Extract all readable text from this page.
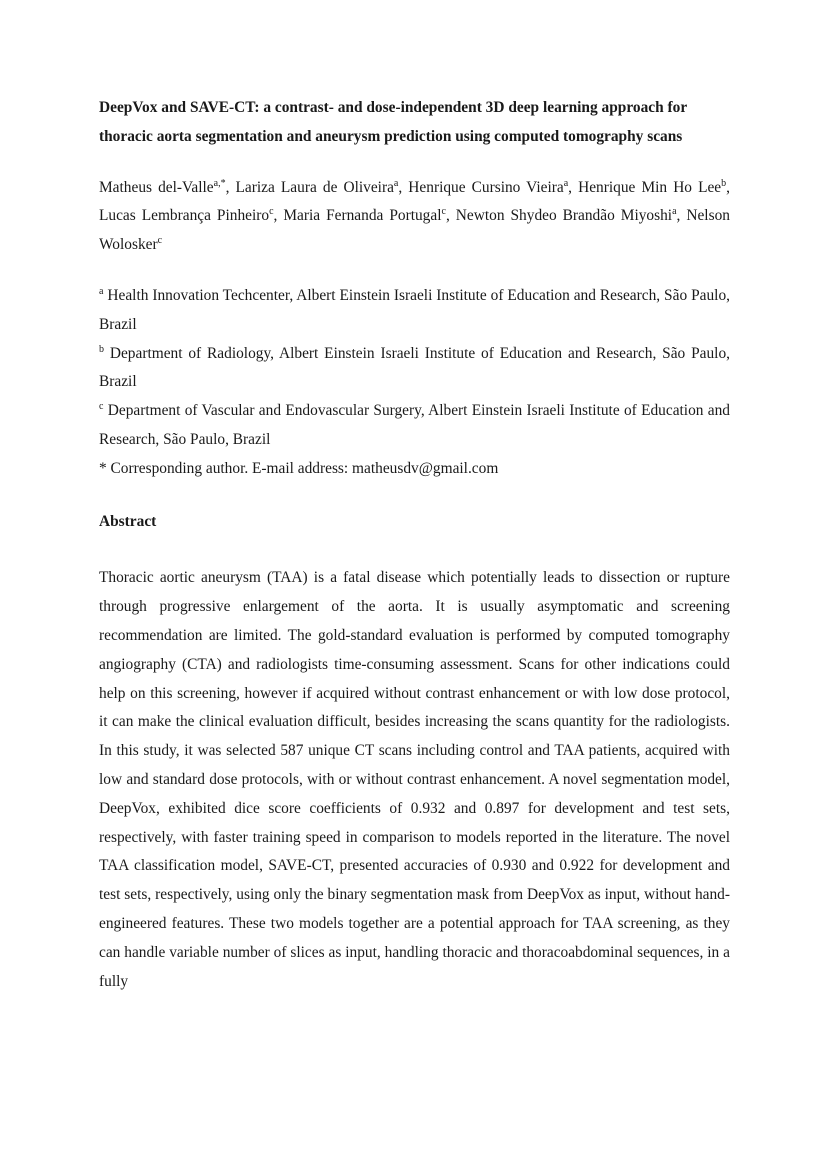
DeepVox and SAVE-CT: a contrast- and dose-independent 3D deep learning approach for thoracic aorta segmentation and aneurysm prediction using computed tomography scans

Matheus del-Valle$^{a,*}$, Lariza Laura de Oliveira$^a$, Henrique Cursino Vieira$^a$, Henrique Min Ho Lee$^b$, Lucas Lembrança Pinheiro$^c$, Maria Fernanda Portugal$^c$, Newton Shydeo Brandão Miyoshi$^a$, Nelson Wolosker$^c$

$^a$ Health Innovation Techcenter, Albert Einstein Israeli Institute of Education and Research, São Paulo, Brazil

$^b$ Department of Radiology, Albert Einstein Israeli Institute of Education and Research, São Paulo, Brazil

$^c$ Department of Vascular and Endovascular Surgery, Albert Einstein Israeli Institute of Education and Research, São Paulo, Brazil

* Corresponding author. E-mail address: matheusdv@gmail.com

Abstract

Thoracic aortic aneurysm (TAA) is a fatal disease which potentially leads to dissection or rupture through progressive enlargement of the aorta. It is usually asymptomatic and screening recommendation are limited. The gold-standard evaluation is performed by computed tomography angiography (CTA) and radiologists time-consuming assessment. Scans for other indications could help on this screening, however if acquired without contrast enhancement or with low dose protocol, it can make the clinical evaluation difficult, besides increasing the scans quantity for the radiologists. In this study, it was selected 587 unique CT scans including control and TAA patients, acquired with low and standard dose protocols, with or without contrast enhancement. A novel segmentation model, DeepVox, exhibited dice score coefficients of 0.932 and 0.897 for development and test sets, respectively, with faster training speed in comparison to models reported in the literature. The novel TAA classification model, SAVE-CT, presented accuracies of 0.930 and 0.922 for development and test sets, respectively, using only the binary segmentation mask from DeepVox as input, without hand-engineered features. These two models together are a potential approach for TAA screening, as they can handle variable number of slices as input, handling thoracic and thoracoabdominal sequences, in a fully
